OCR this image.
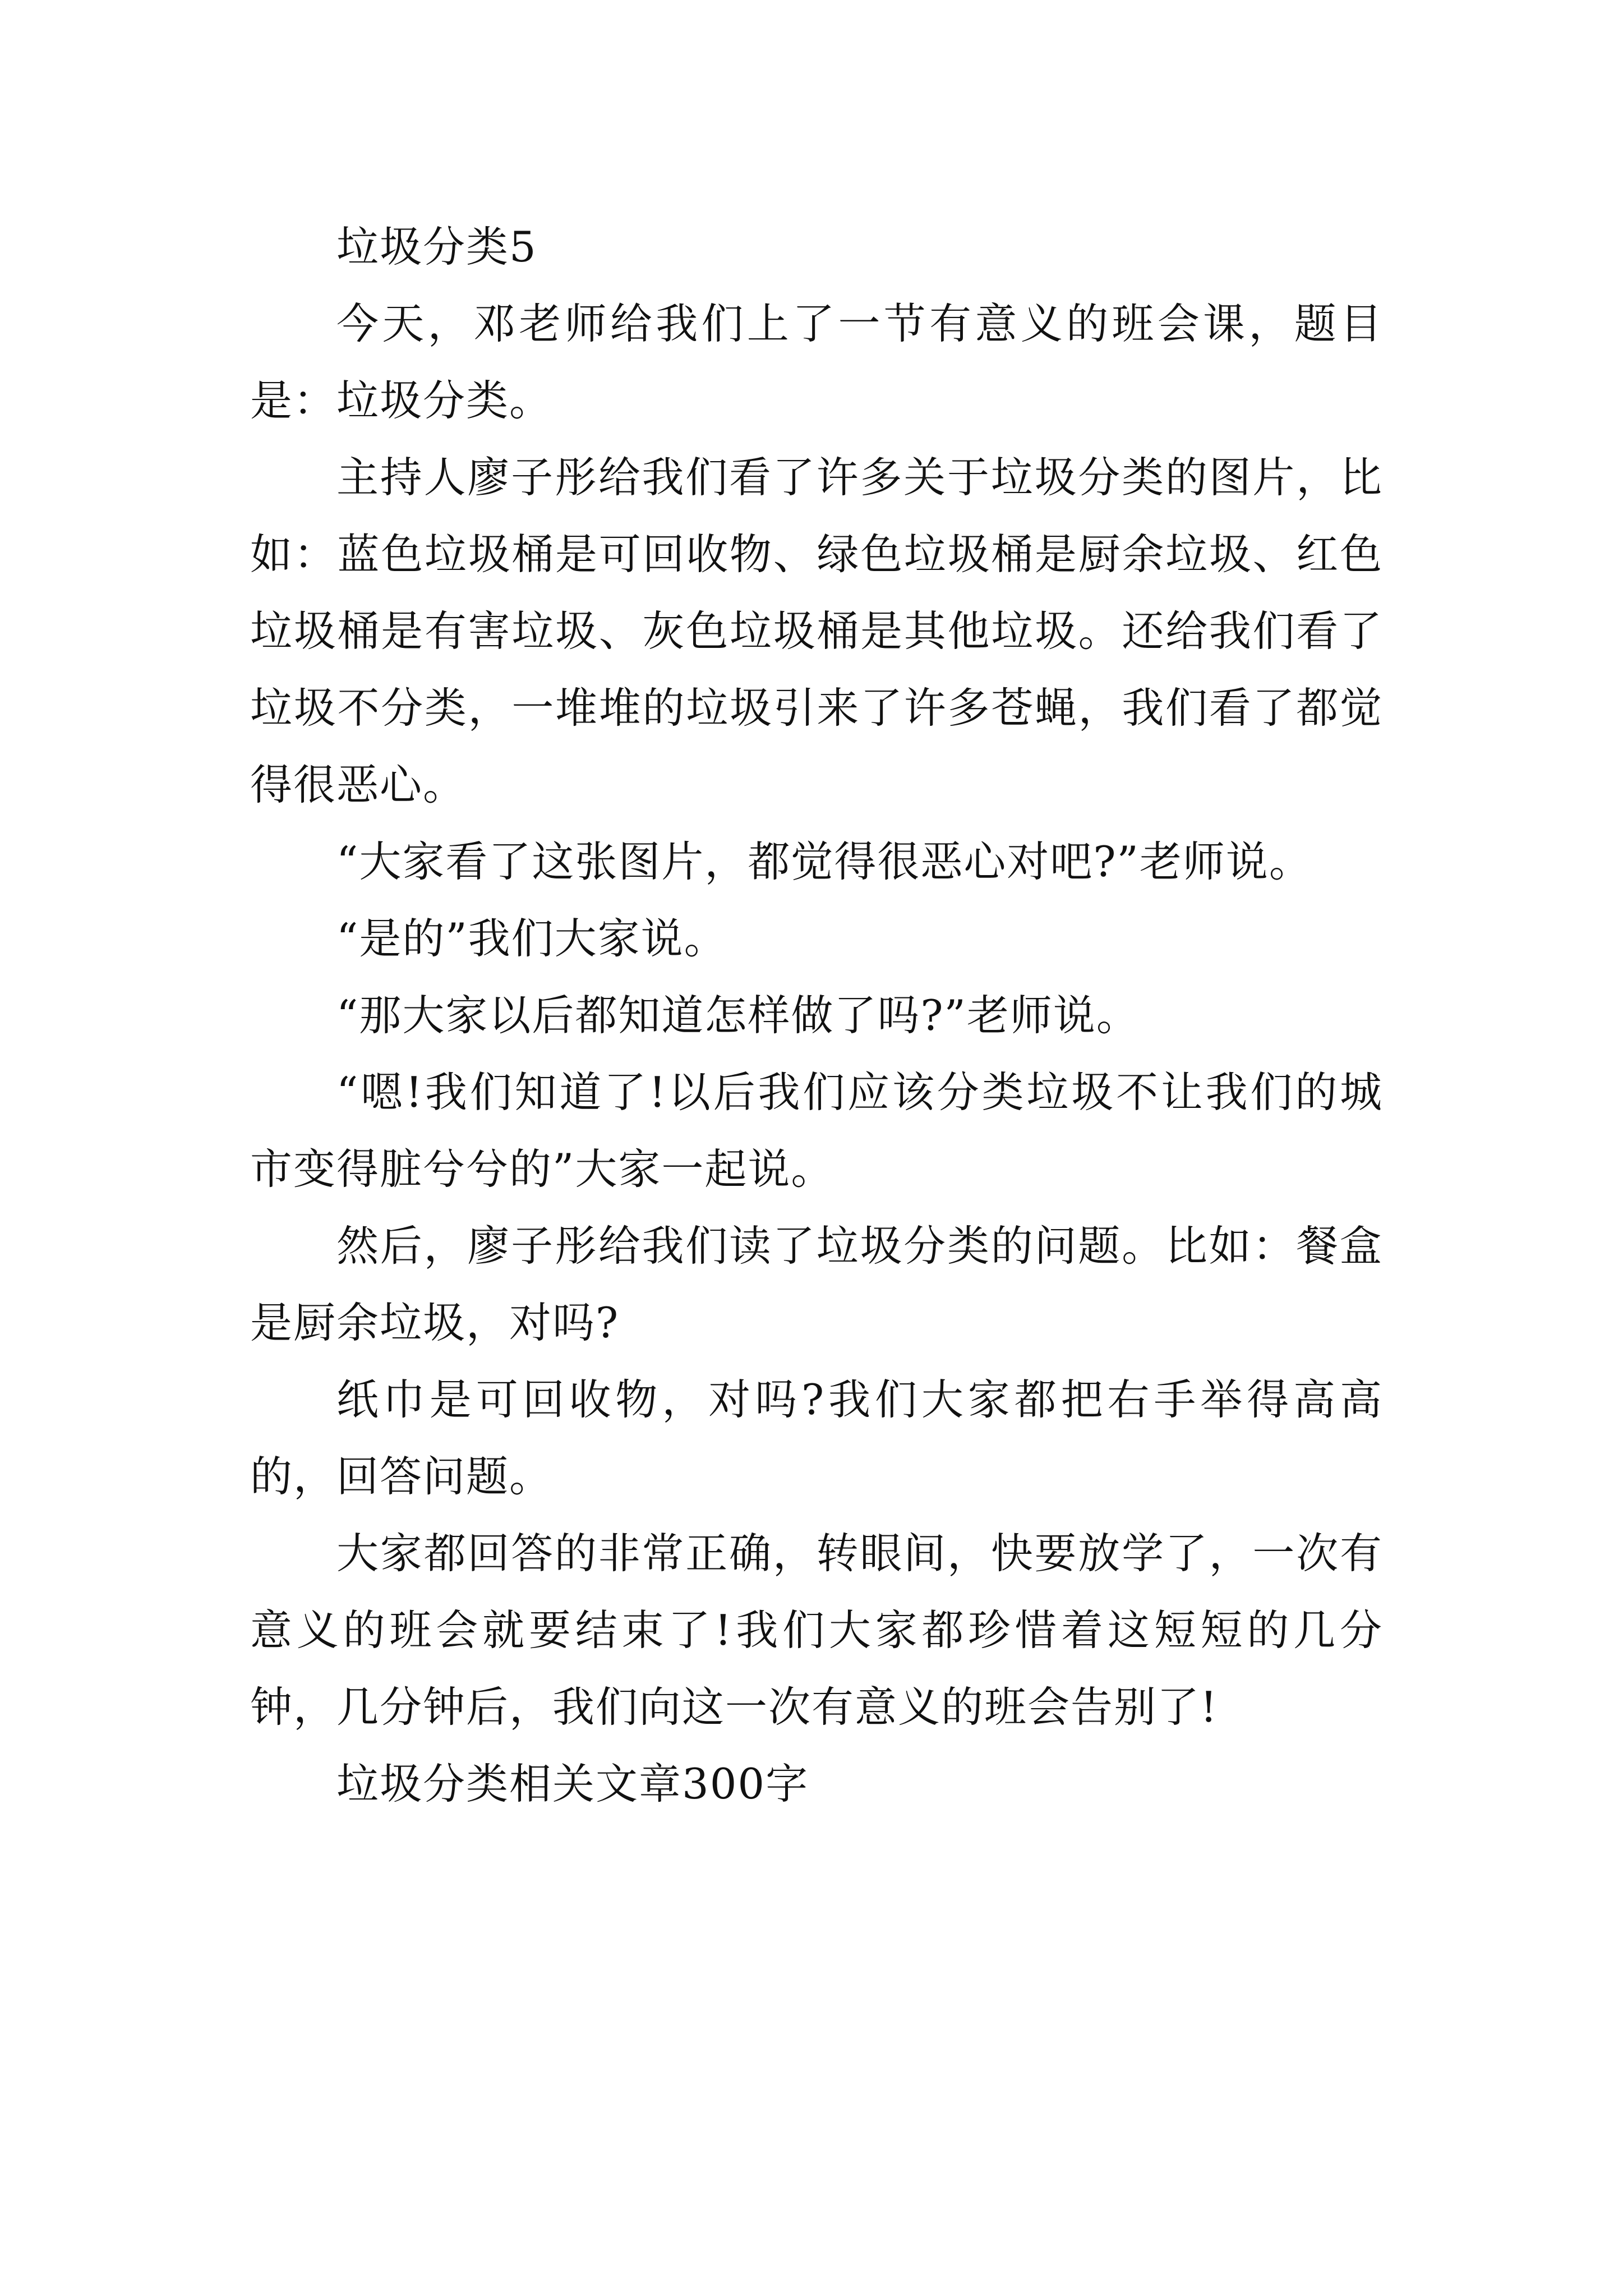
垃圾分类5

今天，邓老师给我们上了一节有意义的班会课，题目是：垃圾分类。

主持人廖子彤给我们看了许多关于垃圾分类的图片，比如：蓝色垃圾桶是可回收物、绿色垃圾桶是厨余垃圾、红色垃圾桶是有害垃圾、灰色垃圾桶是其他垃圾。还给我们看了垃圾不分类，一堆堆的垃圾引来了许多苍蝇，我们看了都觉得很恶心。

“大家看了这张图片，都觉得很恶心对吧?”老师说。

“是的”我们大家说。

“那大家以后都知道怎样做了吗?”老师说。

“嗯!我们知道了!以后我们应该分类垃圾不让我们的城市变得脏兮兮的”大家一起说。

然后，廖子彤给我们读了垃圾分类的问题。比如：餐盒是厨余垃圾，对吗?

纸巾是可回收物，对吗?我们大家都把右手举得高高的，回答问题。

大家都回答的非常正确，转眼间，快要放学了，一次有意义的班会就要结束了!我们大家都珍惜着这短短的几分钟，几分钟后，我们向这一次有意义的班会告别了!

垃圾分类相关文章300字
